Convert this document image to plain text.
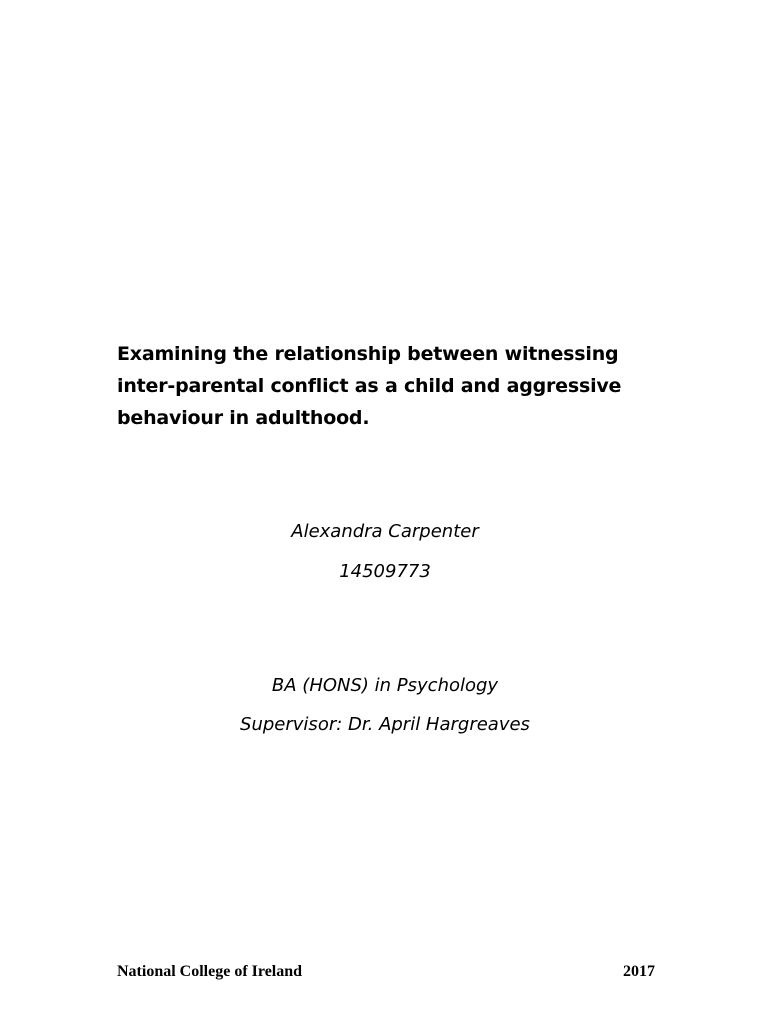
Examining the relationship between witnessing inter-parental conflict as a child and aggressive behaviour in adulthood.

Alexandra Carpenter

14509773

BA (HONS) in Psychology

Supervisor: Dr. April Hargreaves

National College of Ireland	2017
